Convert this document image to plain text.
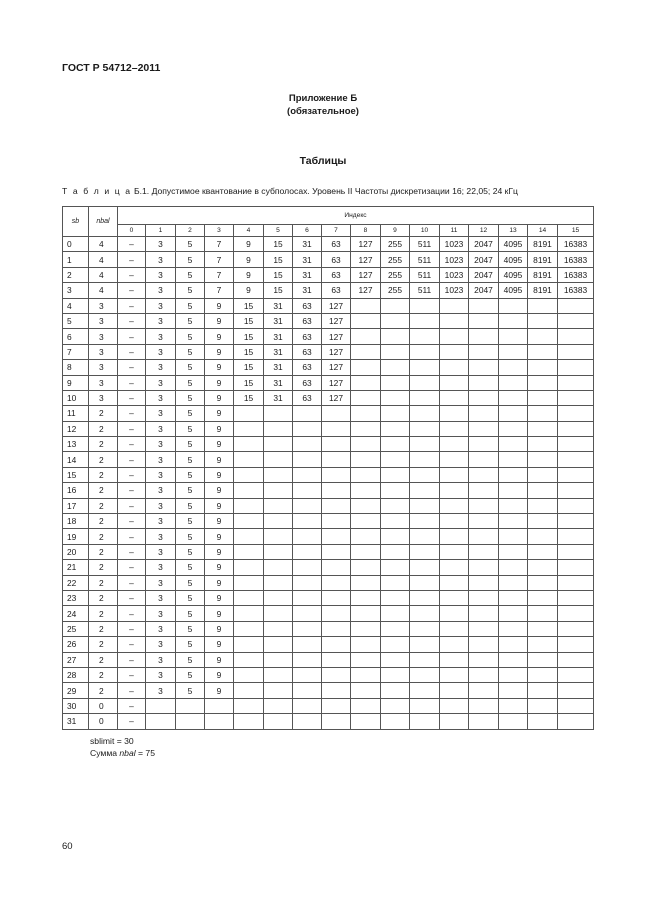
ГОСТ Р 54712–2011
Приложение Б
(обязательное)
Таблицы
Т а б л и ц а Б.1. Допустимое квантование в субполосах. Уровень II Частоты дискретизации 16; 22,05; 24 кГц
sb	nbal	Индекс															
		0	1	2	3	4	5	6	7	8	9	10	11	12	13	14	15
0	4	–	3	5	7	9	15	31	63	127	255	511	1023	2047	4095	8191	16383
1	4	–	3	5	7	9	15	31	63	127	255	511	1023	2047	4095	8191	16383
2	4	–	3	5	7	9	15	31	63	127	255	511	1023	2047	4095	8191	16383
3	4	–	3	5	7	9	15	31	63	127	255	511	1023	2047	4095	8191	16383
4	3	–	3	5	9	15	31	63	127								
5	3	–	3	5	9	15	31	63	127								
6	3	–	3	5	9	15	31	63	127								
7	3	–	3	5	9	15	31	63	127								
8	3	–	3	5	9	15	31	63	127								
9	3	–	3	5	9	15	31	63	127								
10	3	–	3	5	9	15	31	63	127								
11	2	–	3	5	9												
12	2	–	3	5	9												
13	2	–	3	5	9												
14	2	–	3	5	9												
15	2	–	3	5	9												
16	2	–	3	5	9												
17	2	–	3	5	9												
18	2	–	3	5	9												
19	2	–	3	5	9												
20	2	–	3	5	9												
21	2	–	3	5	9												
22	2	–	3	5	9												
23	2	–	3	5	9												
24	2	–	3	5	9												
25	2	–	3	5	9												
26	2	–	3	5	9												
27	2	–	3	5	9												
28	2	–	3	5	9												
29	2	–	3	5	9												
30	0	–															
31	0	–															
sblimit = 30
Сумма nbal = 75
60
